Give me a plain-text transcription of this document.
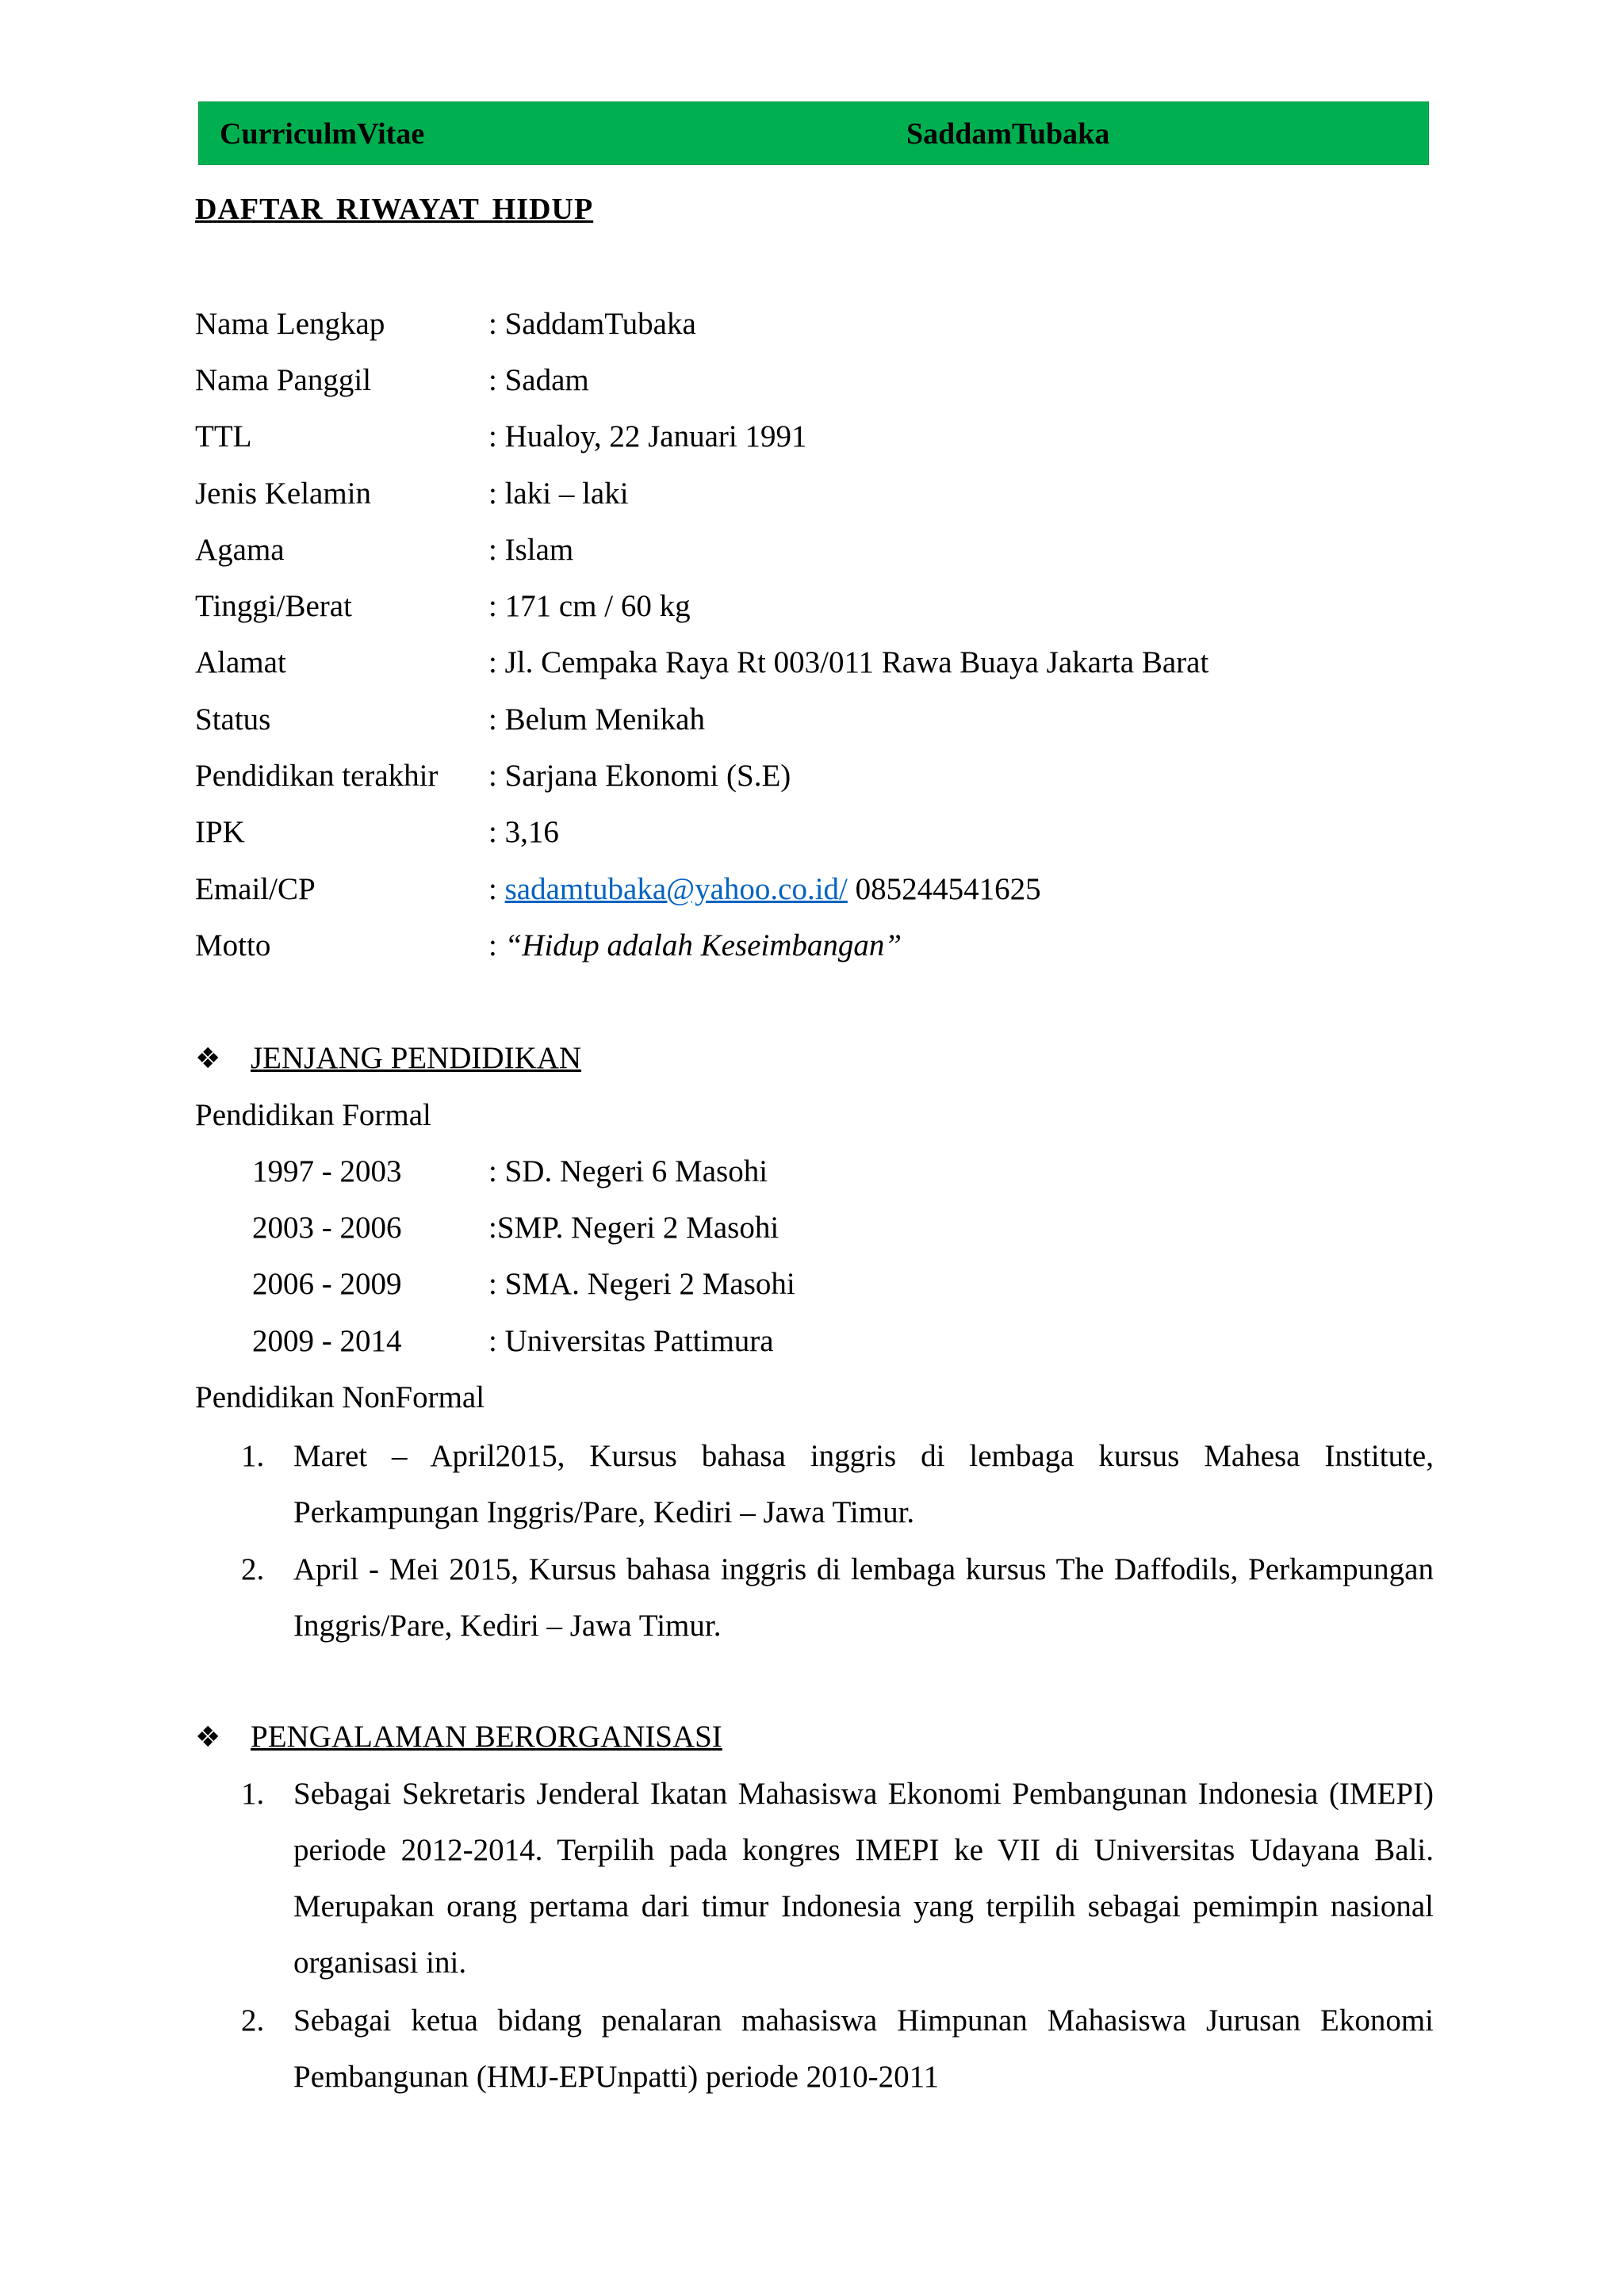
CurriculmVitae	SaddamTubaka
DAFTAR RIWAYAT HIDUP
Nama Lengkap	: SaddamTubaka
Nama Panggil	: Sadam
TTL	: Hualoy, 22 Januari 1991
Jenis Kelamin	: laki – laki
Agama	: Islam
Tinggi/Berat	: 171 cm / 60 kg
Alamat	: Jl. Cempaka Raya Rt 003/011 Rawa Buaya Jakarta Barat
Status	: Belum Menikah
Pendidikan terakhir : Sarjana Ekonomi (S.E)
IPK	: 3,16
Email/CP	: sadamtubaka@yahoo.co.id/ 085244541625
Motto	: “Hidup adalah Keseimbangan”
❖ JENJANG PENDIDIKAN
Pendidikan Formal
1997 - 2003	: SD. Negeri 6 Masohi
2003 - 2006	:SMP. Negeri 2 Masohi
2006 - 2009	: SMA. Negeri 2 Masohi
2009 - 2014	: Universitas Pattimura
Pendidikan NonFormal
1. Maret – April2015, Kursus bahasa inggris di lembaga kursus Mahesa Institute, Perkampungan Inggris/Pare, Kediri – Jawa Timur.
2. April - Mei 2015, Kursus bahasa inggris di lembaga kursus The Daffodils, Perkampungan Inggris/Pare, Kediri – Jawa Timur.
❖ PENGALAMAN BERORGANISASI
1. Sebagai Sekretaris Jenderal Ikatan Mahasiswa Ekonomi Pembangunan Indonesia (IMEPI) periode 2012-2014. Terpilih pada kongres IMEPI ke VII di Universitas Udayana Bali. Merupakan orang pertama dari timur Indonesia yang terpilih sebagai pemimpin nasional organisasi ini.
2. Sebagai ketua bidang penalaran mahasiswa Himpunan Mahasiswa Jurusan Ekonomi Pembangunan (HMJ-EPUnpatti) periode 2010-2011
